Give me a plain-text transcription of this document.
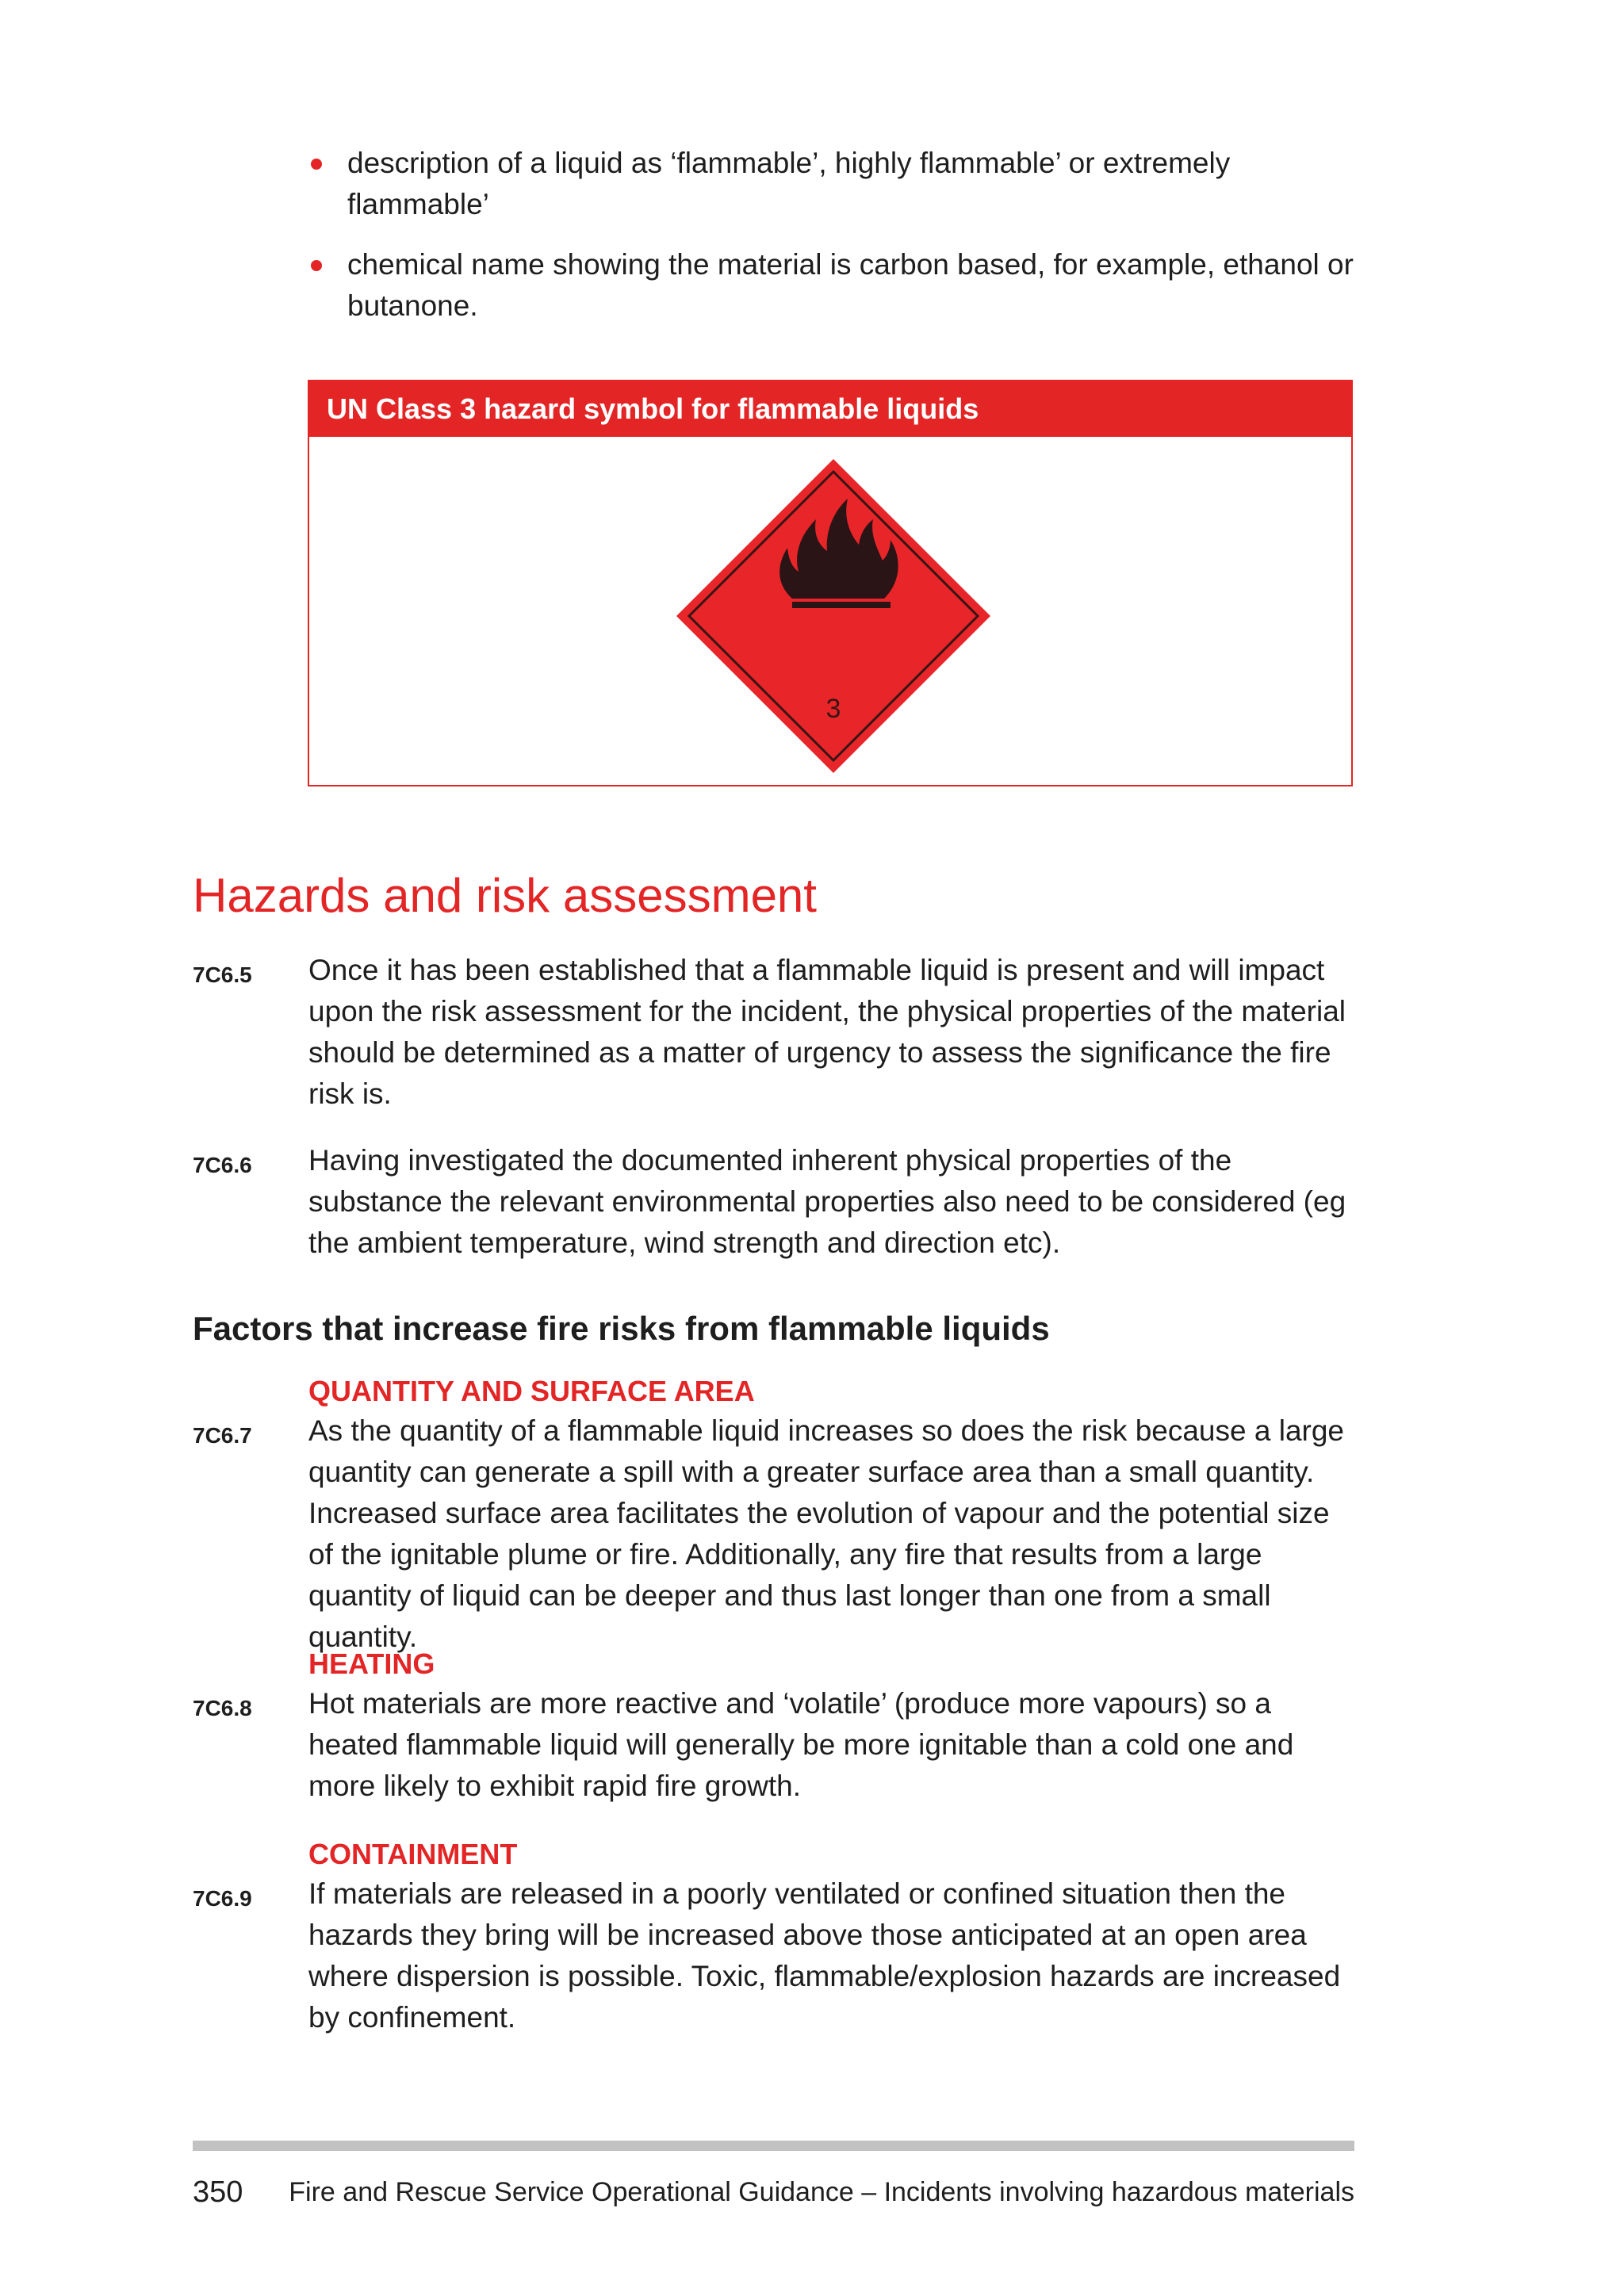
description of a liquid as ‘flammable’, highly flammable’ or extremely flammable’
chemical name showing the material is carbon based, for example, ethanol or butanone.
UN Class 3 hazard symbol for flammable liquids
3
Hazards and risk assessment
7C6.5 Once it has been established that a flammable liquid is present and will impact upon the risk assessment for the incident, the physical properties of the material should be determined as a matter of urgency to assess the significance the fire risk is.
7C6.6 Having investigated the documented inherent physical properties of the substance the relevant environmental properties also need to be considered (eg the ambient temperature, wind strength and direction etc).
Factors that increase fire risks from flammable liquids
QUANTITY AND SURFACE AREA
7C6.7 As the quantity of a flammable liquid increases so does the risk because a large quantity can generate a spill with a greater surface area than a small quantity. Increased surface area facilitates the evolution of vapour and the potential size of the ignitable plume or fire. Additionally, any fire that results from a large quantity of liquid can be deeper and thus last longer than one from a small quantity.
HEATING
7C6.8 Hot materials are more reactive and ‘volatile’ (produce more vapours) so a heated flammable liquid will generally be more ignitable than a cold one and more likely to exhibit rapid fire growth.
CONTAINMENT
7C6.9 If materials are released in a poorly ventilated or confined situation then the hazards they bring will be increased above those anticipated at an open area where dispersion is possible. Toxic, flammable/explosion hazards are increased by confinement.
350 Fire and Rescue Service Operational Guidance – Incidents involving hazardous materials
